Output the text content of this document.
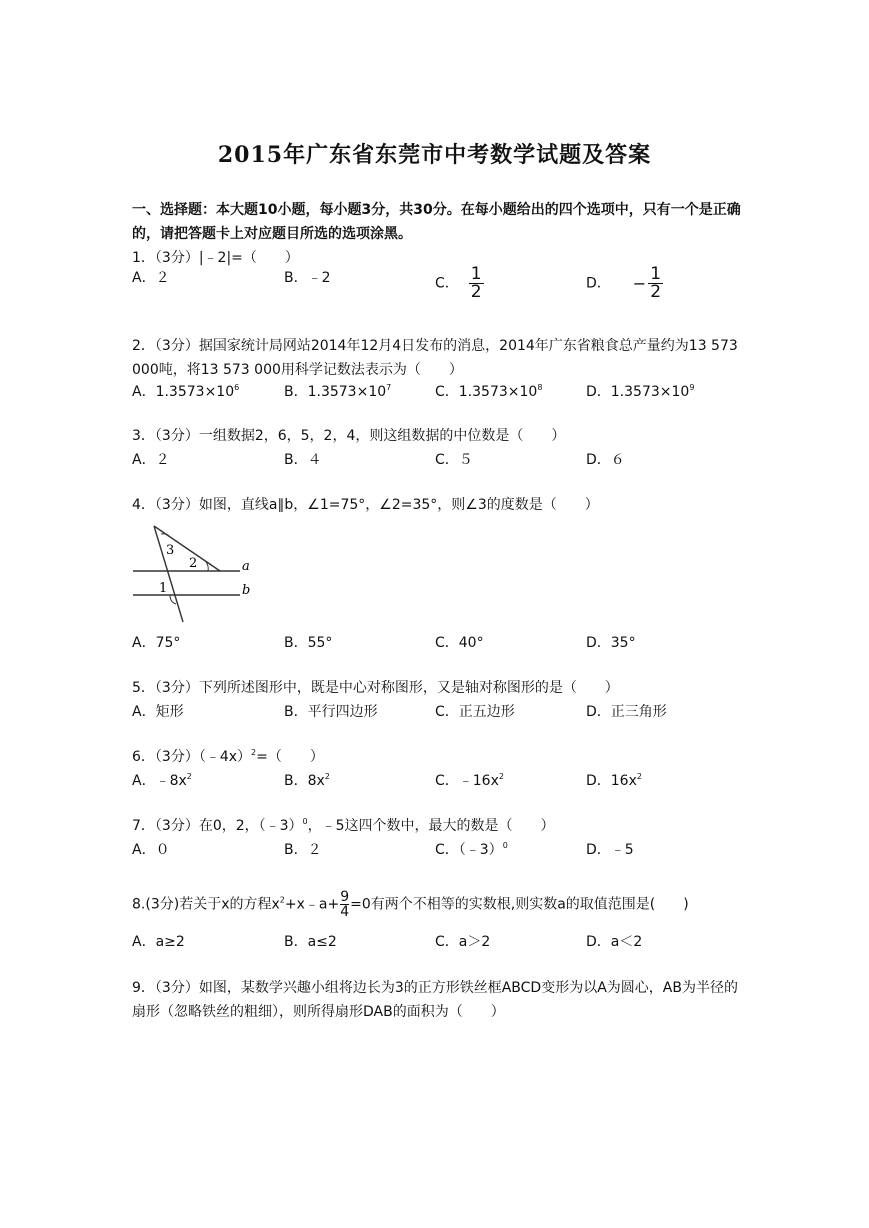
2015年广东省东莞市中考数学试题及答案
一、选择题：本大题10小题，每小题3分，共30分。在每小题给出的四个选项中，只有一个是正确的，请把答题卡上对应题目所选的选项涂黑。
1．（3分）|﹣2|=（　　）
A．２	B．﹣2	C． $\frac{1}{2}$	D． − $\frac{1}{2}$
2．（3分）据国家统计局网站2014年12月4日发布的消息，2014年广东省粮食总产量约为13 573 000吨，将13 573 000用科学记数法表示为（　　）
A．$1.3573\times 10^6$	B．$1.3573\times 10^7$	C．$1.3573\times 10^8$	D．$1.3573\times 10^9$
3．（3分）一组数据2，6，5，2，4，则这组数据的中位数是（　　）
A．２	B．４	C．５	D．６
4．（3分）如图，直线a∥b，∠1=75°，∠2=35°，则∠3的度数是（　　）
3
2
1
a
b
A．75°	B．55°	C．40°	D．35°
5．（3分）下列所述图形中，既是中心对称图形，又是轴对称图形的是（　　）
A．矩形	B．平行四边形	C．正五边形	D．正三角形
6．（3分）（﹣4x）$^2$=（　　）
A．$﹣8x^2$	B．$8x^2$	C．$﹣16x^2$	D．$16x^2$
7．（3分）在0，2，（﹣3）$^0$，﹣5这四个数中，最大的数是（　　）
A．０	B．２	C．（﹣3）$^0$	D．﹣5
8.(3分)若关于x的方程$x^2+x﹣a+ \frac{9}{4} =0$有两个不相等的实数根,则实数a的取值范围是(　　)
A．a≥2	B．a≤2	C．a＞2	D．a＜2
9．（3分）如图，某数学兴趣小组将边长为3的正方形铁丝框ABCD变形为以A为圆心，AB为半径的扇形（忽略铁丝的粗细），则所得扇形DAB的面积为（　　）
